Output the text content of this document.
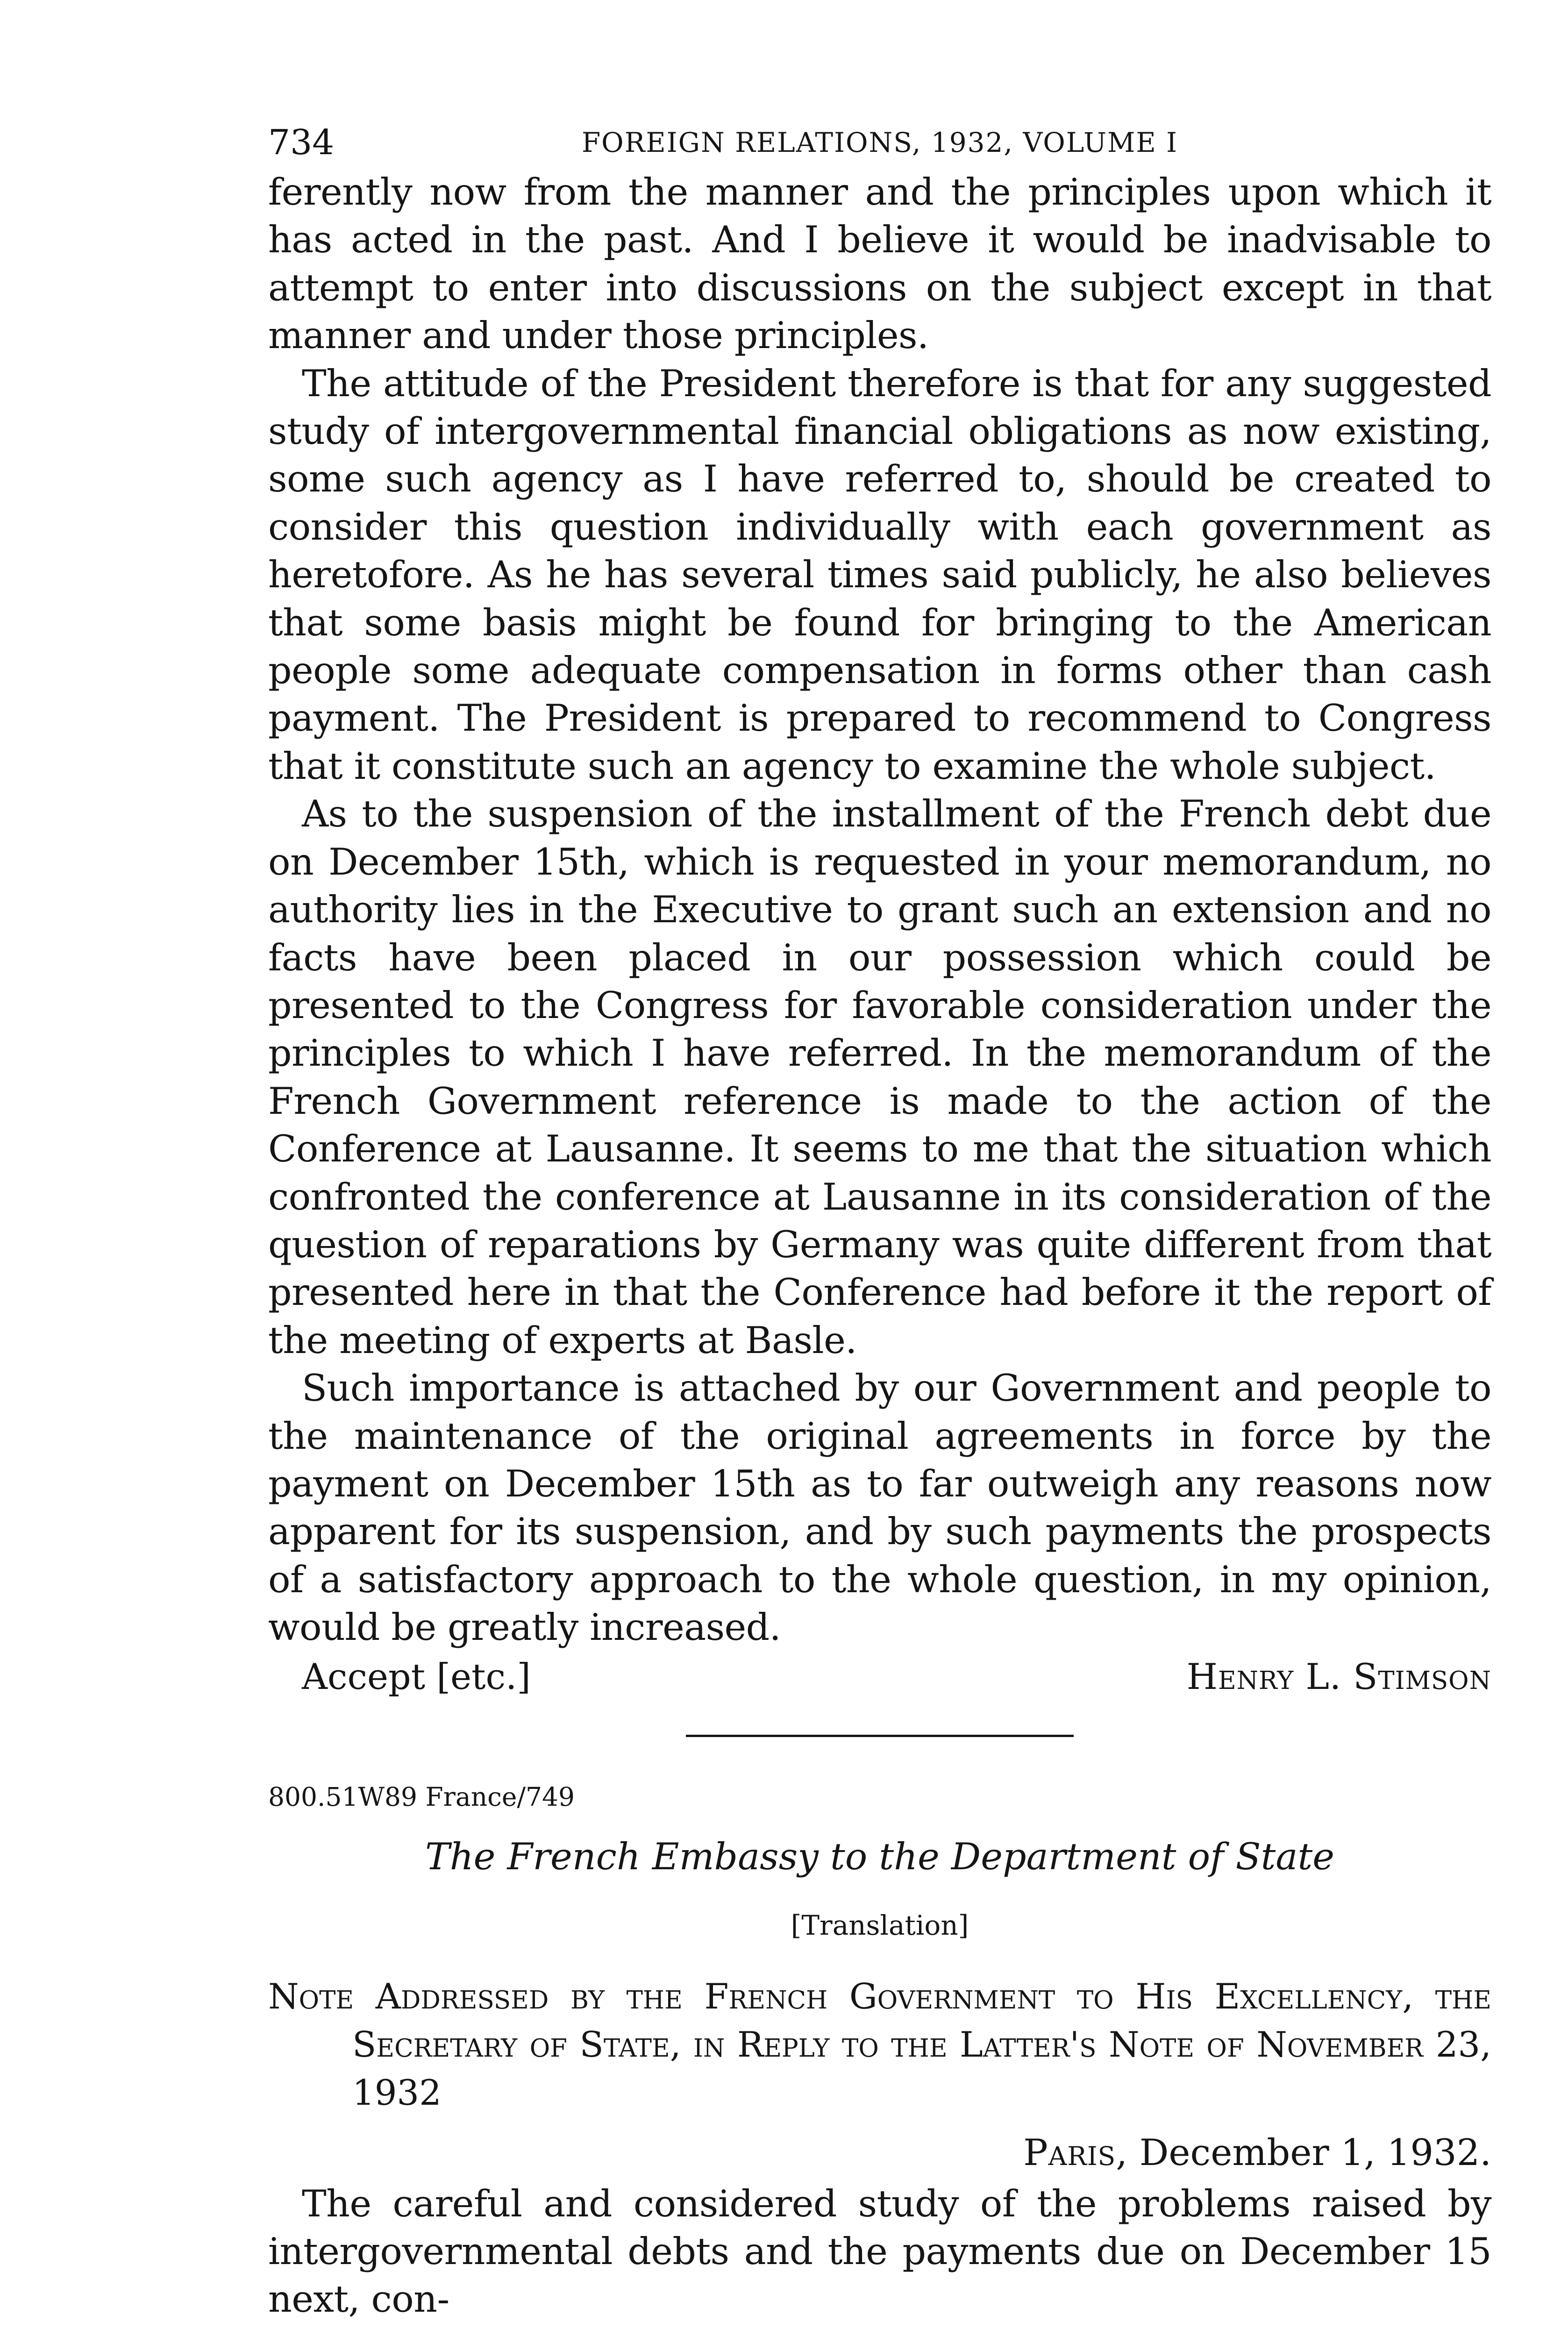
734	FOREIGN RELATIONS, 1932, VOLUME I

ferently now from the manner and the principles upon which it has acted in the past. And I believe it would be inadvisable to attempt to enter into discussions on the subject except in that manner and under those principles.

The attitude of the President therefore is that for any suggested study of intergovernmental financial obligations as now existing, some such agency as I have referred to, should be created to consider this question individually with each government as heretofore. As he has several times said publicly, he also believes that some basis might be found for bringing to the American people some adequate compensation in forms other than cash payment. The President is prepared to recommend to Congress that it constitute such an agency to examine the whole subject.

As to the suspension of the installment of the French debt due on December 15th, which is requested in your memorandum, no authority lies in the Executive to grant such an extension and no facts have been placed in our possession which could be presented to the Congress for favorable consideration under the principles to which I have referred. In the memorandum of the French Government reference is made to the action of the Conference at Lausanne. It seems to me that the situation which confronted the conference at Lausanne in its consideration of the question of reparations by Germany was quite different from that presented here in that the Conference had before it the report of the meeting of experts at Basle.

Such importance is attached by our Government and people to the maintenance of the original agreements in force by the payment on December 15th as to far outweigh any reasons now apparent for its suspension, and by such payments the prospects of a satisfactory approach to the whole question, in my opinion, would be greatly increased.

Accept [etc.]	Henry L. Stimson
800.51W89 France/749
The French Embassy to the Department of State
[Translation]
Note Addressed by the French Government to His Excellency, the Secretary of State, in Reply to the Latter's Note of November 23, 1932
Paris, December 1, 1932.

The careful and considered study of the problems raised by intergovernmental debts and the payments due on December 15 next, con-
